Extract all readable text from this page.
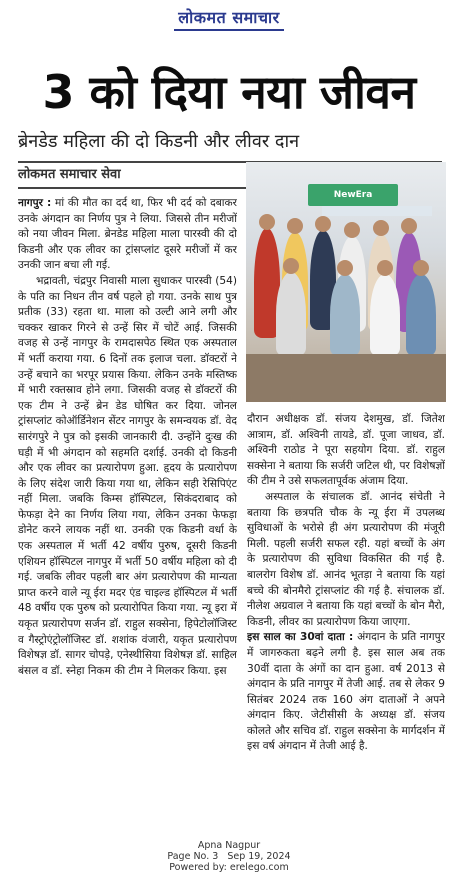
लोकमत समाचार
3 को दिया नया जीवन
ब्रेनडेड महिला की दो किडनी और लीवर दान
लोकमत समाचार सेवा

नागपुर : मां की मौत का दर्द था, फिर भी दर्द को दबाकर उनके अंगदान का निर्णय पुत्र ने लिया. जिससे तीन मरीजों को नया जीवन मिला. ब्रेनडेड महिला माला पारस्वी की दो किडनी और एक लीवर का ट्रांसप्लांट दूसरे मरीजों में कर उनकी जान बचा ली गई.

भद्रावती, चंद्रपुर निवासी माला सुधाकर पारस्वी (54) के पति का निधन तीन वर्ष पहले हो गया. उनके साथ पुत्र प्रतीक (33) रहता था. माला को उल्टी आने लगी और चक्कर खाकर गिरने से उन्हें सिर में चोटें आई. जिसकी वजह से उन्हें नागपुर के रामदासपेठ स्थित एक अस्पताल में भर्ती कराया गया. 6 दिनों तक इलाज चला. डॉक्टरों ने उन्हें बचाने का भरपूर प्रयास किया. लेकिन उनके मस्तिष्क में भारी रक्तस्राव होने लगा. जिसकी वजह से डॉक्टरों की एक टीम ने उन्हें ब्रेन डेड घोषित कर दिया. जोनल ट्रांसप्लांट कोऑर्डिनेशन सेंटर नागपुर के समन्वयक डॉ. वेद सारंगपुरे ने पुत्र को इसकी जानकारी दी. उन्होंने दुःख की घड़ी में भी अंगदान को सहमति दर्शाई. उनकी दो किडनी और एक लीवर का प्रत्यारोपण हुआ. हृदय के प्रत्यारोपण के लिए संदेश जारी किया गया था, लेकिन सही रेसिपिएंट नहीं मिला. जबकि किम्स हॉस्पिटल, सिकंदराबाद को फेफड़ा देने का निर्णय लिया गया, लेकिन उनका फेफड़ा डोनेट करने लायक नहीं था. उनकी एक किडनी वर्धा के एक अस्पताल में भर्ती 42 वर्षीय पुरुष, दूसरी किडनी एशियन हॉस्पिटल नागपुर में भर्ती 50 वर्षीय महिला को दी गई. जबकि लीवर पहली बार अंग प्रत्यारोपण की मान्यता प्राप्त करने वाले न्यू ईरा मदर एंड चाइल्ड हॉस्पिटल में भर्ती 48 वर्षीय एक पुरुष को प्रत्यारोपित किया गया. न्यू इरा में यकृत प्रत्यारोपण सर्जन डॉ. राहुल सक्सेना, हिपेटोलॉजिस्ट व गैस्ट्रोएंट्रोलॉजिस्ट डॉ. शशांक वंजारी, यकृत प्रत्यारोपण विशेषज्ञ डॉ. सागर चोपड़े, एनेस्थीसिया विशेषज्ञ डॉ. साहिल बंसल व डॉ. स्नेहा निकम की टीम ने मिलकर किया. इस

NewEra

दौरान अधीक्षक डॉ. संजय देशमुख, डॉ. जितेश आत्राम, डॉ. अश्विनी तायडे, डॉ. पूजा जाधव, डॉ. अश्विनी राठोड ने पूरा सहयोग दिया. डॉ. राहुल सक्सेना ने बताया कि सर्जरी जटिल थी, पर विशेषज्ञों की टीम ने उसे सफलतापूर्वक अंजाम दिया.

अस्पताल के संचालक डॉ. आनंद संचेती ने बताया कि छत्रपति चौक के न्यू ईरा में उपलब्ध सुविधाओं के भरोसे ही अंग प्रत्यारोपण की मंजूरी मिली. पहली सर्जरी सफल रही. यहां बच्चों के अंग के प्रत्यारोपण की सुविधा विकसित की गई है. बालरोग विशेष डॉ. आनंद भूतड़ा ने बताया कि यहां बच्चे की बोनमैरो ट्रांसप्लांट की गई है. संचालक डॉ. नीलेश अग्रवाल ने बताया कि यहां बच्चों के बोन मैरो, किडनी, लीवर का प्रत्यारोपण किया जाएगा.

इस साल का 30वां दाता : अंगदान के प्रति नागपुर में जागरुकता बढ़ने लगी है. इस साल अब तक 30वीं दाता के अंगों का दान हुआ. वर्ष 2013 से अंगदान के प्रति नागपुर में तेजी आई. तब से लेकर 9 सितंबर 2024 तक 160 अंग दाताओं ने अपने अंगदान किए. जेटीसीसी के अध्यक्ष डॉ. संजय कोलते और सचिव डॉ. राहुल सक्सेना के मार्गदर्शन में इस वर्ष अंगदान में तेजी आई है.

Apna Nagpur
Page No. 3   Sep 19, 2024
Powered by: erelego.com
